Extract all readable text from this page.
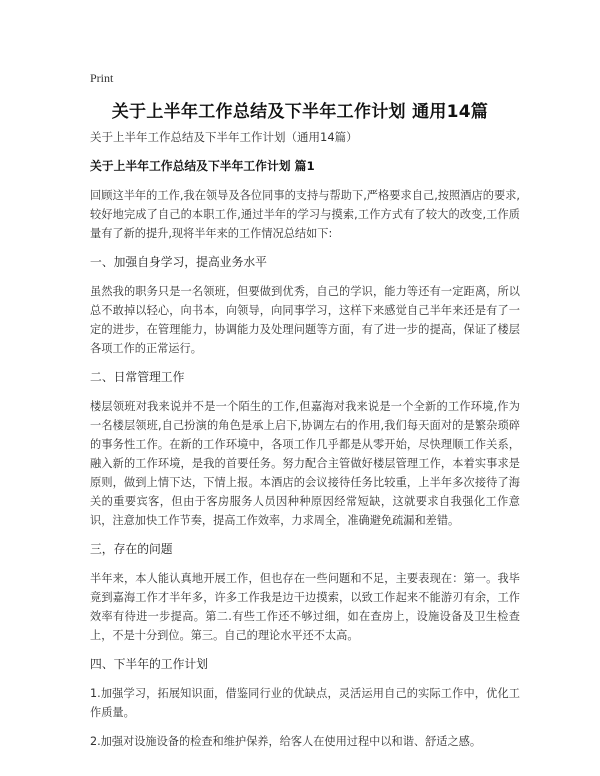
Print
关于上半年工作总结及下半年工作计划 通用14篇

关于上半年工作总结及下半年工作计划（通用14篇）

关于上半年工作总结及下半年工作计划 篇1

回顾这半年的工作,我在领导及各位同事的支持与帮助下,严格要求自己,按照酒店的要求,较好地完成了自己的本职工作,通过半年的学习与摸索,工作方式有了较大的改变,工作质量有了新的提升,现将半年来的工作情况总结如下:

一、加强自身学习，提高业务水平

虽然我的职务只是一名领班，但要做到优秀，自己的学识，能力等还有一定距离，所以总不敢掉以轻心，向书本，向领导，向同事学习，这样下来感觉自己半年来还是有了一定的进步，在管理能力，协调能力及处理问题等方面，有了进一步的提高，保证了楼层各项工作的正常运行。

二、日常管理工作

楼层领班对我来说并不是一个陌生的工作,但嘉海对我来说是一个全新的工作环境,作为一名楼层领班,自己扮演的角色是承上启下,协调左右的作用,我们每天面对的是繁杂琐碎的事务性工作。在新的工作环境中，各项工作几乎都是从零开始，尽快理顺工作关系，融入新的工作环境，是我的首要任务。努力配合主管做好楼层管理工作，本着实事求是原则，做到上情下达，下情上报。本酒店的会议接待任务比较重，上半年多次接待了海关的重要宾客，但由于客房服务人员因种种原因经常短缺，这就要求自我强化工作意识，注意加快工作节奏，提高工作效率，力求周全，准确避免疏漏和差错。

三，存在的问题

半年来，本人能认真地开展工作，但也存在一些问题和不足，主要表现在：第一。我毕竟到嘉海工作才半年多，许多工作我是边干边摸索，以致工作起来不能游刃有余，工作效率有待进一步提高。第二.有些工作还不够过细，如在查房上，设施设备及卫生检查上，不是十分到位。第三。自己的理论水平还不太高。

四、下半年的工作计划

1.加强学习，拓展知识面，借鉴同行业的优缺点，灵活运用自己的实际工作中，优化工作质量。

2.加强对设施设备的检查和维护保养，给客人在使用过程中以和谐、舒适之感。
